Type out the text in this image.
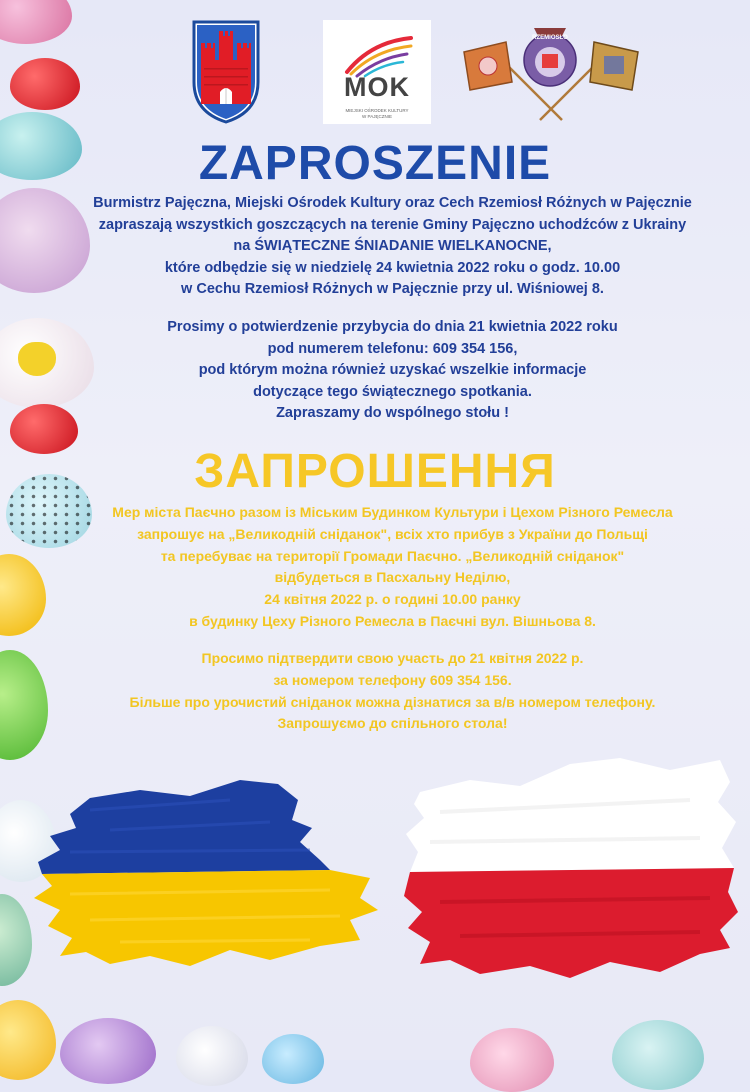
MOK
MIEJSKI OŚRODEK KULTURY
W PAJĘCZNIE
RZEMIOSŁO
ZAPROSZENIE
Burmistrz Pajęczna, Miejski Ośrodek Kultury oraz Cech Rzemiosł Różnych w Pajęcznie
zapraszają wszystkich goszczących na terenie Gminy Pajęczno uchodźców z Ukrainy
na ŚWIĄTECZNE ŚNIADANIE WIELKANOCNE,
które odbędzie się w niedzielę 24 kwietnia 2022 roku o godz. 10.00
w Cechu Rzemiosł Różnych w Pajęcznie przy ul. Wiśniowej 8.
Prosimy o potwierdzenie przybycia do dnia 21 kwietnia 2022 roku
pod numerem telefonu: 609 354 156,
pod którym można również uzyskać wszelkie informacje
dotyczące tego świątecznego spotkania.
Zapraszamy do wspólnego stołu !
ЗАПРОШЕННЯ
Мер міста Паєчно разом із Міським Будинком Культури і Цехом Різного Ремесла
запрошує на „Великодній сніданок", всіх хто прибув з України до Польщі
та перебуває на території Громади Паєчно. „Великодній сніданок"
відбудеться в Пасхальну Неділю,
24 квітня 2022 р. о годині 10.00 ранку
в будинку Цеху Різного Ремесла в Паєчні вул. Вішньова 8.
Просимо підтвердити свою участь до 21 квітня 2022 р.
за номером телефону 609 354 156.
Більше про урочистий сніданок можна дізнатися за в/в номером телефону.
Запрошуємо до спільного стола!
